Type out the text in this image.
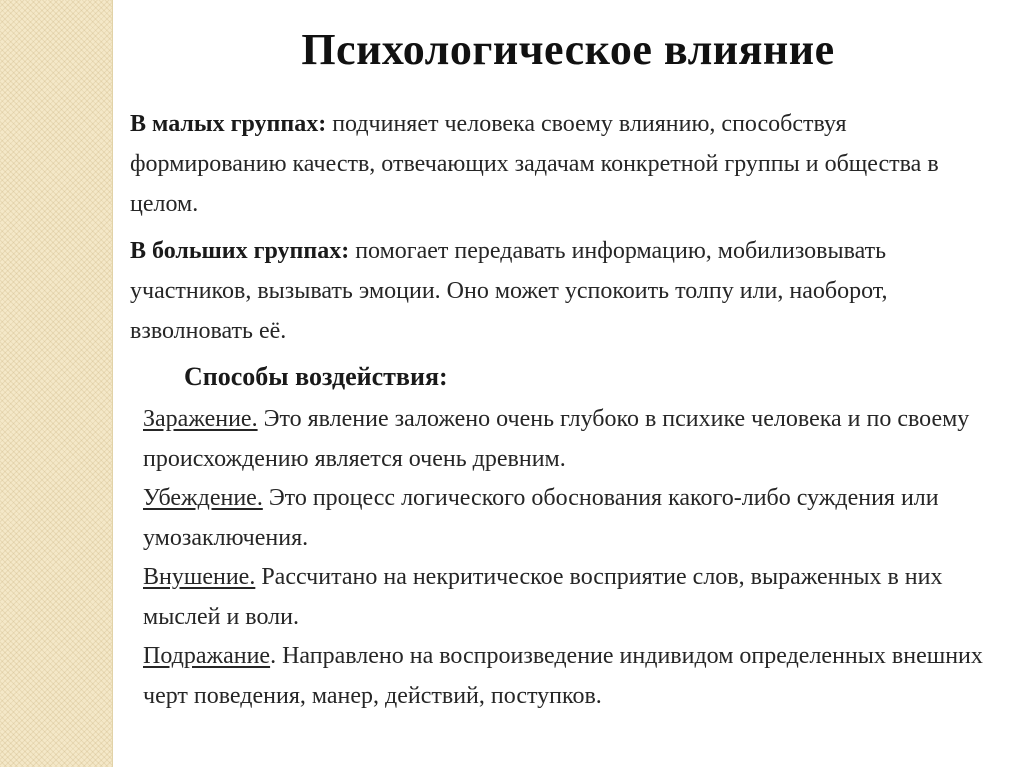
Психологическое влияние
В малых группах: подчиняет человека своему влиянию, способствуя формированию качеств, отвечающих задачам конкретной группы и общества в целом.
В больших группах: помогает передавать информацию, мобилизовывать участников, вызывать эмоции. Оно может успокоить толпу или, наоборот, взволновать её.
Способы воздействия:

Заражение. Это явление заложено очень глубоко в психике человека и по своему происхождению является очень древним.

Убеждение. Это процесс логического обоснования какого-либо суждения или умозаключения.

Внушение. Рассчитано на некритическое восприятие слов, выраженных в них мыслей и воли.

Подражание. Направлено на воспроизведение индивидом определенных внешних черт поведения, манер, действий, поступков.
